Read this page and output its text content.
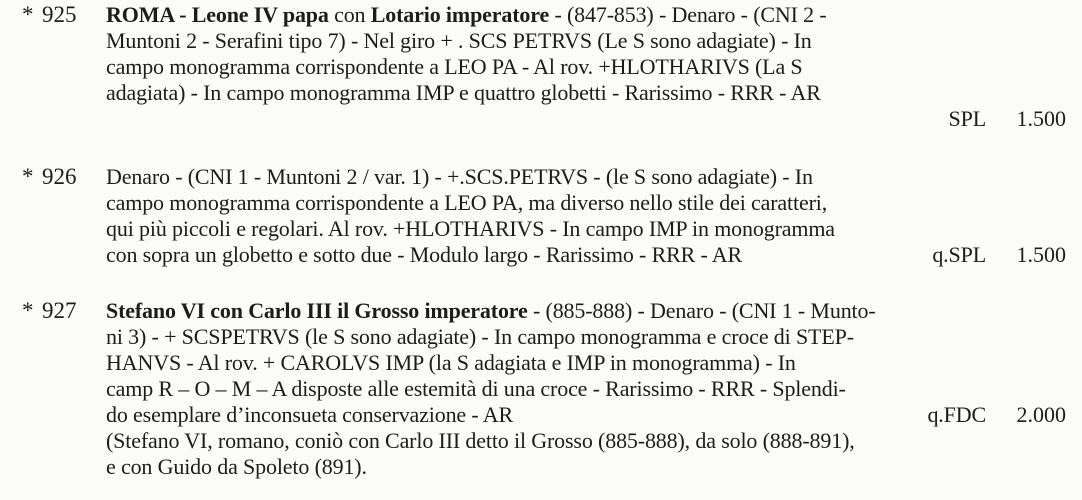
* 925 ROMA - Leone IV papa con Lotario imperatore - (847-853) - Denaro - (CNI 2 -
Muntoni 2 - Serafini tipo 7) - Nel giro + . SCS PETRVS (Le S sono adagiate) - In
campo monogramma corrispondente a LEO PA - Al rov. +HLOTHARIVS (La S
adagiata) - In campo monogramma IMP e quattro globetti - Rarissimo - RRR - AR
SPL 1.500
* 926 Denaro - (CNI 1 - Muntoni 2 / var. 1) - +.SCS.PETRVS - (le S sono adagiate) - In
campo monogramma corrispondente a LEO PA, ma diverso nello stile dei caratteri,
qui più piccoli e regolari. Al rov. +HLOTHARIVS - In campo IMP in monogramma
con sopra un globetto e sotto due - Modulo largo - Rarissimo - RRR - AR	q.SPL 1.500
* 927 Stefano VI con Carlo III il Grosso imperatore - (885-888) - Denaro - (CNI 1 - Munto-
ni 3) - + SCSPETRVS (le S sono adagiate) - In campo monogramma e croce di STEP-
HANVS - Al rov. + CAROLVS IMP (la S adagiata e IMP in monogramma) - In
camp R – O – M – A disposte alle estemità di una croce - Rarissimo - RRR - Splendi-
do esemplare d’inconsueta conservazione - AR	q.FDC
(Stefano VI, romano, coniò con Carlo III detto il Grosso (885-888), da solo (888-891),
e con Guido da Spoleto (891).
2.000
